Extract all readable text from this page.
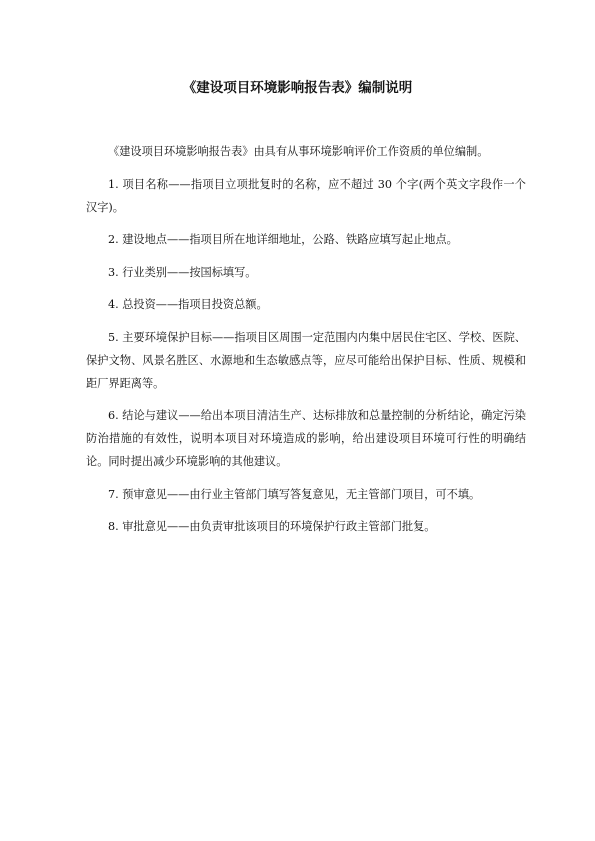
《建设项目环境影响报告表》编制说明

《建设项目环境影响报告表》由具有从事环境影响评价工作资质的单位编制。

1. 项目名称——指项目立项批复时的名称，应不超过 30 个字(两个英文字段作一个汉字)。

2. 建设地点——指项目所在地详细地址，公路、铁路应填写起止地点。

3. 行业类别——按国标填写。

4. 总投资——指项目投资总额。

5. 主要环境保护目标——指项目区周围一定范围内内集中居民住宅区、学校、医院、保护文物、风景名胜区、水源地和生态敏感点等，应尽可能给出保护目标、性质、规模和距厂界距离等。

6. 结论与建议——给出本项目清洁生产、达标排放和总量控制的分析结论，确定污染防治措施的有效性，说明本项目对环境造成的影响，给出建设项目环境可行性的明确结论。同时提出减少环境影响的其他建议。

7. 预审意见——由行业主管部门填写答复意见，无主管部门项目，可不填。

8. 审批意见——由负责审批该项目的环境保护行政主管部门批复。
